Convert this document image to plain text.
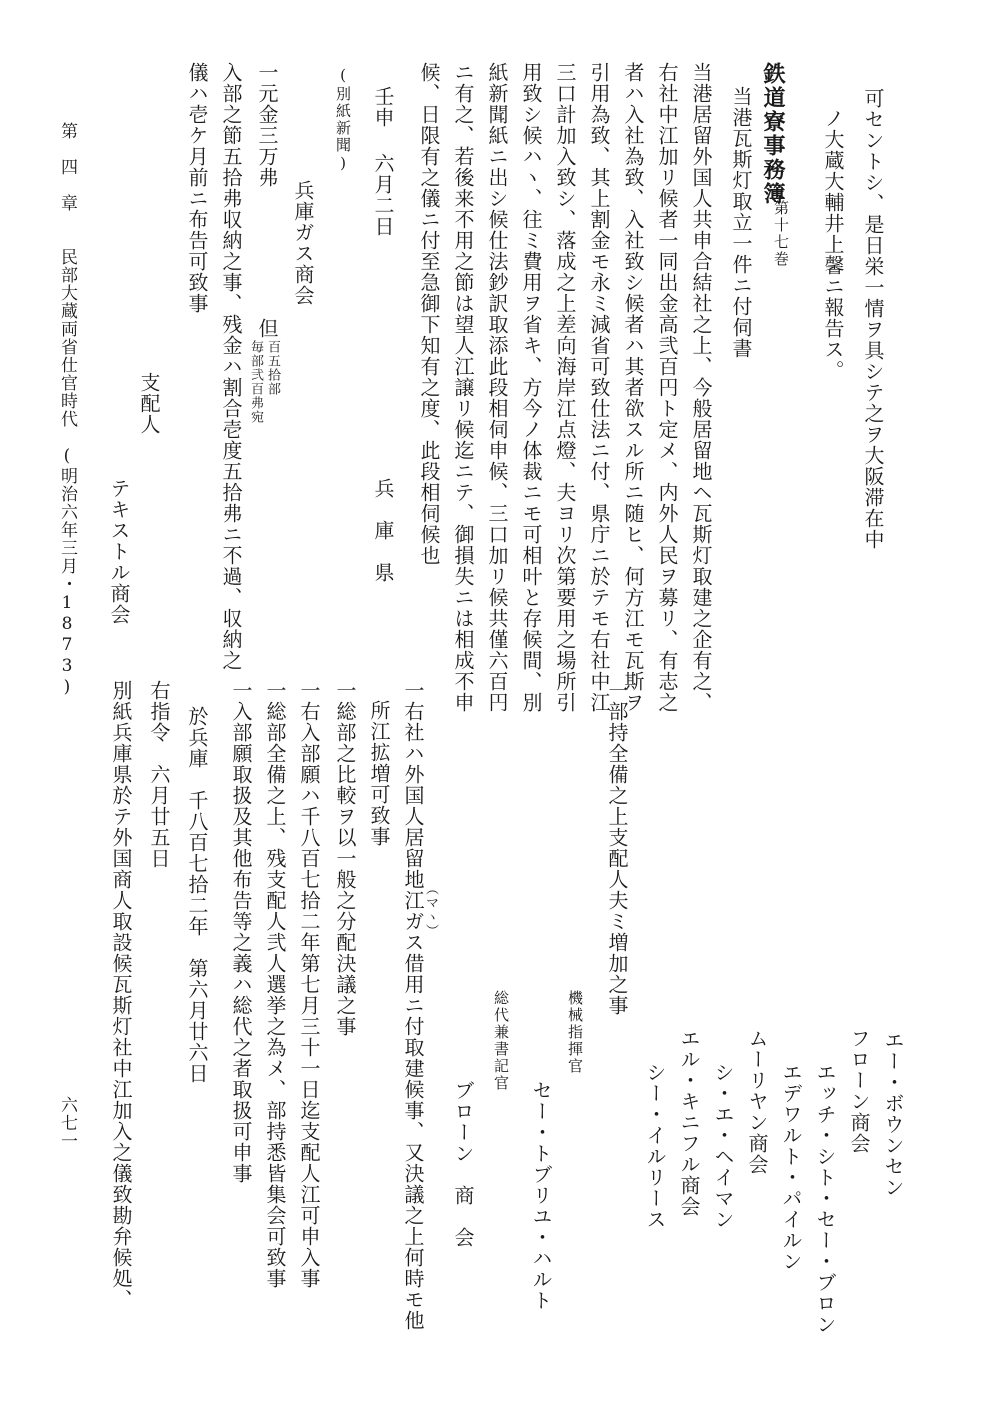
可セントシ、是日栄一情ヲ具シテ之ヲ大阪滞在中
ノ大蔵大輔井上馨ニ報告ス。
鉄道寮事務簿
第十七巻
当港瓦斯灯取立一件ニ付伺書
当港居留外国人共申合結社之上、今般居留地ヘ瓦斯灯取建之企有之、
右社中江加リ候者一同出金高弐百円ト定メ、内外人民ヲ募リ、有志之
者ハ入社為致、入社致シ候者ハ其者欲スル所ニ随ヒ、何方江モ瓦斯ヲ
引用為致、其上割金モ永ミ減省可致仕法ニ付、県庁ニ於テモ右社中江
三口計加入致シ、落成之上差向海岸江点燈、夫ヨリ次第要用之場所引
用致シ候ハヽ、往ミ費用ヲ省キ、方今ノ体裁ニモ可相叶と存候間、別
紙新聞紙ニ出シ候仕法鈔訳取添此段相伺申候、三口加リ候共僅六百円
ニ有之、若後来不用之節は望人江譲リ候迄ニテ、御損失ニは相成不申
候、日限有之儀ニ付至急御下知有之度、此段相伺候也
壬申 六月二日
兵　庫　県
(別紙新聞)
兵庫ガス商会
一元金三万弗
但
百五拾部
毎部弐百弗宛
入部之節五拾弗収納之事、残金ハ割合壱度五拾弗ニ不過、収納之
儀ハ壱ケ月前ニ布告可致事
支配人
テキストル商会
エー・ボウンセン
フローン商会
エッチ・シト・セー・ブロン
エデワルト・パイルン
ムーリヤン商会
シ・エ・ヘイマン
エル・キニフル商会
シー・イルリース
一部持全備之上支配人夫ミ増加之事
機械指揮官
セー・トブリユ・ハルト
総代兼書記官
ブローン　商　会
一右社ハ外国人居留地江ガス借用ニ付取建候事、又決議之上何時モ他
（マヽ）
所江拡増可致事
一総部之比較ヲ以一般之分配決議之事
一右入部願ハ千八百七拾二年第七月三十一日迄支配人江可申入事
一総部全備之上、残支配人弐人選挙之為メ、部持悉皆集会可致事
一入部願取扱及其他布告等之義ハ総代之者取扱可申事
於兵庫　千八百七拾二年　第六月廿六日
右指令　六月廿五日
別紙兵庫県於テ外国商人取設候瓦斯灯社中江加入之儀致勘弁候処、
第　四　章　　民部大蔵両省仕官時代　(明治六年三月・1873)
六七一
